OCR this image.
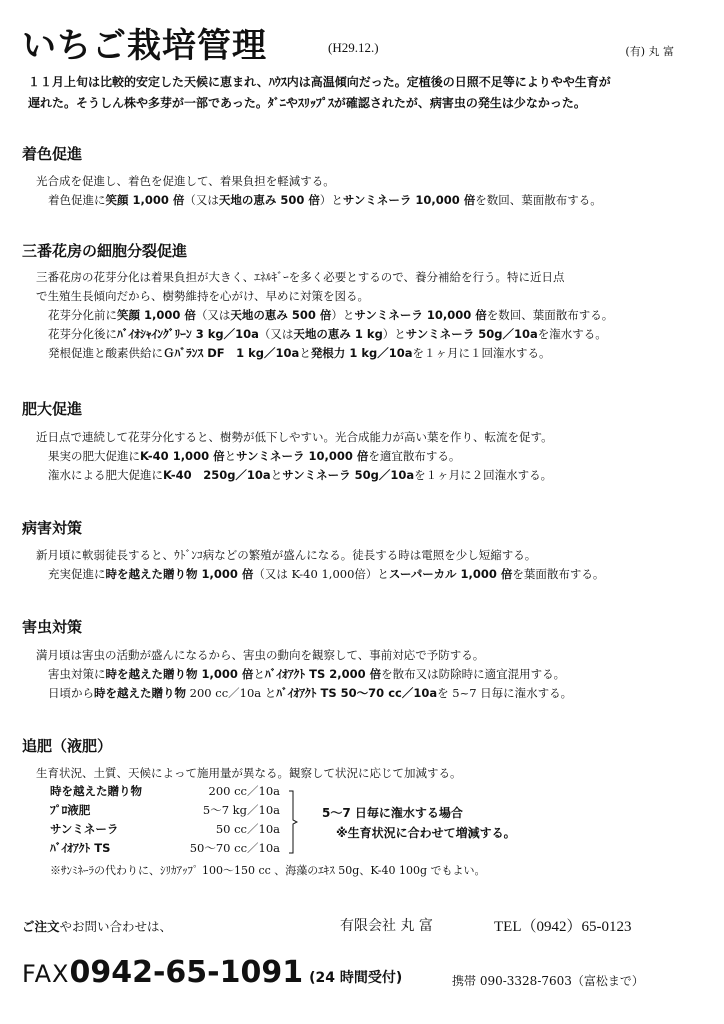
いちご栽培管理	(H29.12.)	(有) 丸 富
１１月上旬は比較的安定した天候に恵まれ、ﾊｳｽ内は高温傾向だった。定植後の日照不足等によりやや生育が
遅れた。そうしん株や多芽が一部であった。ﾀﾞﾆやｽﾘｯﾌﾟｽが確認されたが、病害虫の発生は少なかった。
着色促進
光合成を促進し、着色を促進して、着果負担を軽減する。
着色促進に笑顔 1,000 倍（又は天地の恵み 500 倍）とサンミネーラ 10,000 倍を数回、葉面散布する。
三番花房の細胞分裂促進
三番花房の花芽分化は着果負担が大きく、ｴﾈﾙｷﾞｰを多く必要とするので、養分補給を行う。特に近日点
で生殖生長傾向だから、樹勢維持を心がけ、早めに対策を図る。
花芽分化前に笑顔 1,000 倍（又は天地の恵み 500 倍）とサンミネーラ 10,000 倍を数回、葉面散布する。
花芽分化後にﾊﾞｲｵｼｬｲﾝｸﾞﾘｰﾝ 3 kg／10a（又は天地の恵み 1 kg）とサンミネーラ 50g／10aを潅水する。
発根促進と酸素供給にＧﾊﾞﾗﾝｽ DF　1 kg／10aと発根力 1 kg／10aを１ヶ月に１回潅水する。
肥大促進
近日点で連続して花芽分化すると、樹勢が低下しやすい。光合成能力が高い葉を作り、転流を促す。
果実の肥大促進にK-40 1,000 倍とサンミネーラ 10,000 倍を適宜散布する。
潅水による肥大促進にK-40　250g／10aとサンミネーラ 50g／10aを１ヶ月に２回潅水する。
病害対策
新月頃に軟弱徒長すると、ｳﾄﾞﾝｺ病などの繁殖が盛んになる。徒長する時は電照を少し短縮する。
充実促進に時を越えた贈り物 1,000 倍（又は K-40 1,000倍）とスーパーカル 1,000 倍を葉面散布する。
害虫対策
満月頃は害虫の活動が盛んになるから、害虫の動向を観察して、事前対応で予防する。
害虫対策に時を越えた贈り物 1,000 倍とﾊﾞｲｵｱｸﾄ TS 2,000 倍を散布又は防除時に適宜混用する。
日頃から時を越えた贈り物 200 cc／10a とﾊﾞｲｵｱｸﾄ TS 50～70 cc／10aを 5~7 日毎に潅水する。
追肥（液肥）
生育状況、土質、天候によって施用量が異なる。観察して状況に応じて加減する。
時を越えた贈り物	200 cc／10a
ﾌﾟﾛ液肥	5～7 kg／10a
サンミネーラ	50 cc／10a
ﾊﾞｲｵｱｸﾄ TS	50～70 cc／10a
5～7 日毎に潅水する場合
※生育状況に合わせて増減する。
※ｻﾝﾐﾈｰﾗの代わりに、ｼﾘｶｱｯﾌﾟ 100～150 cc 、海藻のｴｷｽ 50g、K-40 100g でもよい。
ご注文やお問い合わせは、	有限会社 丸 富	TEL（0942）65-0123
FAX0942-65-1091 (24 時間受付)	携帯 090-3328-7603（富松まで）
